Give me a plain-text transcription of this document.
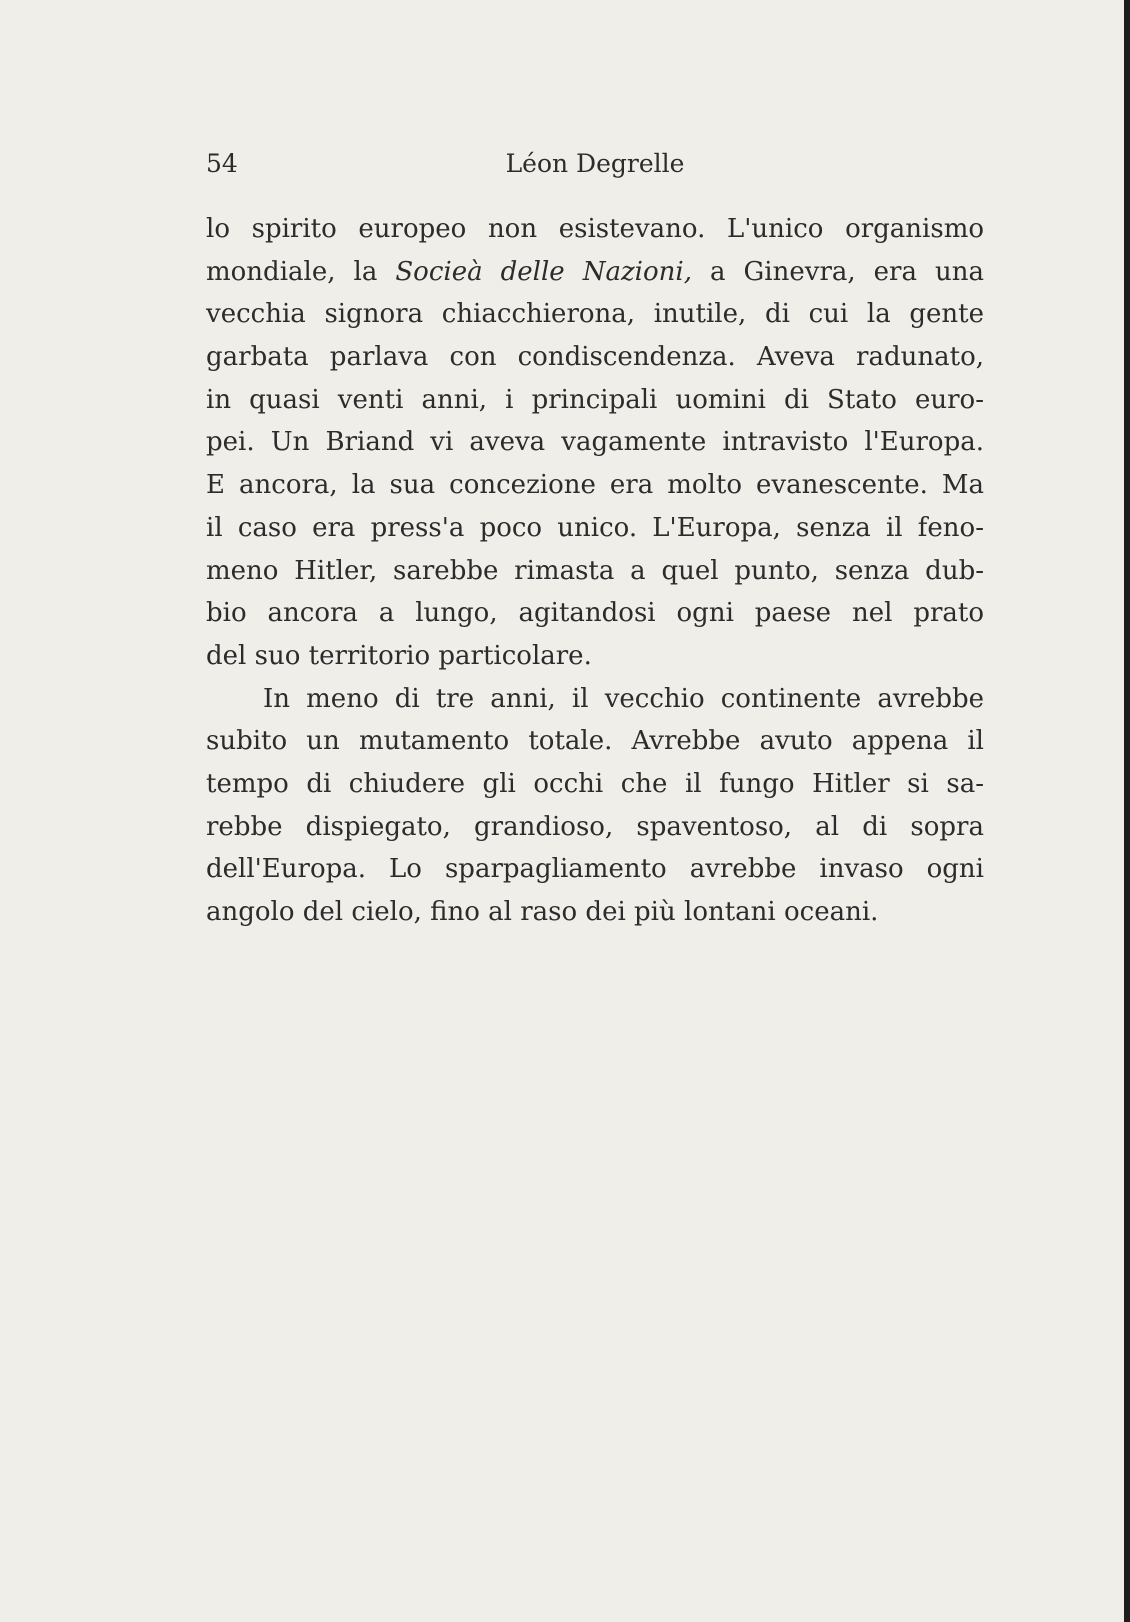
54	Léon Degrelle
lo spirito europeo non esistevano. L'unico organismo
mondiale, la Socieà delle Nazioni, a Ginevra, era una
vecchia signora chiacchierona, inutile, di cui la gente
garbata parlava con condiscendenza. Aveva radunato,
in quasi venti anni, i principali uomini di Stato euro-
pei. Un Briand vi aveva vagamente intravisto l'Europa.
E ancora, la sua concezione era molto evanescente. Ma
il caso era press'a poco unico. L'Europa, senza il feno-
meno Hitler, sarebbe rimasta a quel punto, senza dub-
bio ancora a lungo, agitandosi ogni paese nel prato
del suo territorio particolare.
In meno di tre anni, il vecchio continente avrebbe
subito un mutamento totale. Avrebbe avuto appena il
tempo di chiudere gli occhi che il fungo Hitler si sa-
rebbe dispiegato, grandioso, spaventoso, al di sopra
dell'Europa. Lo sparpagliamento avrebbe invaso ogni
angolo del cielo, fino al raso dei più lontani oceani.
